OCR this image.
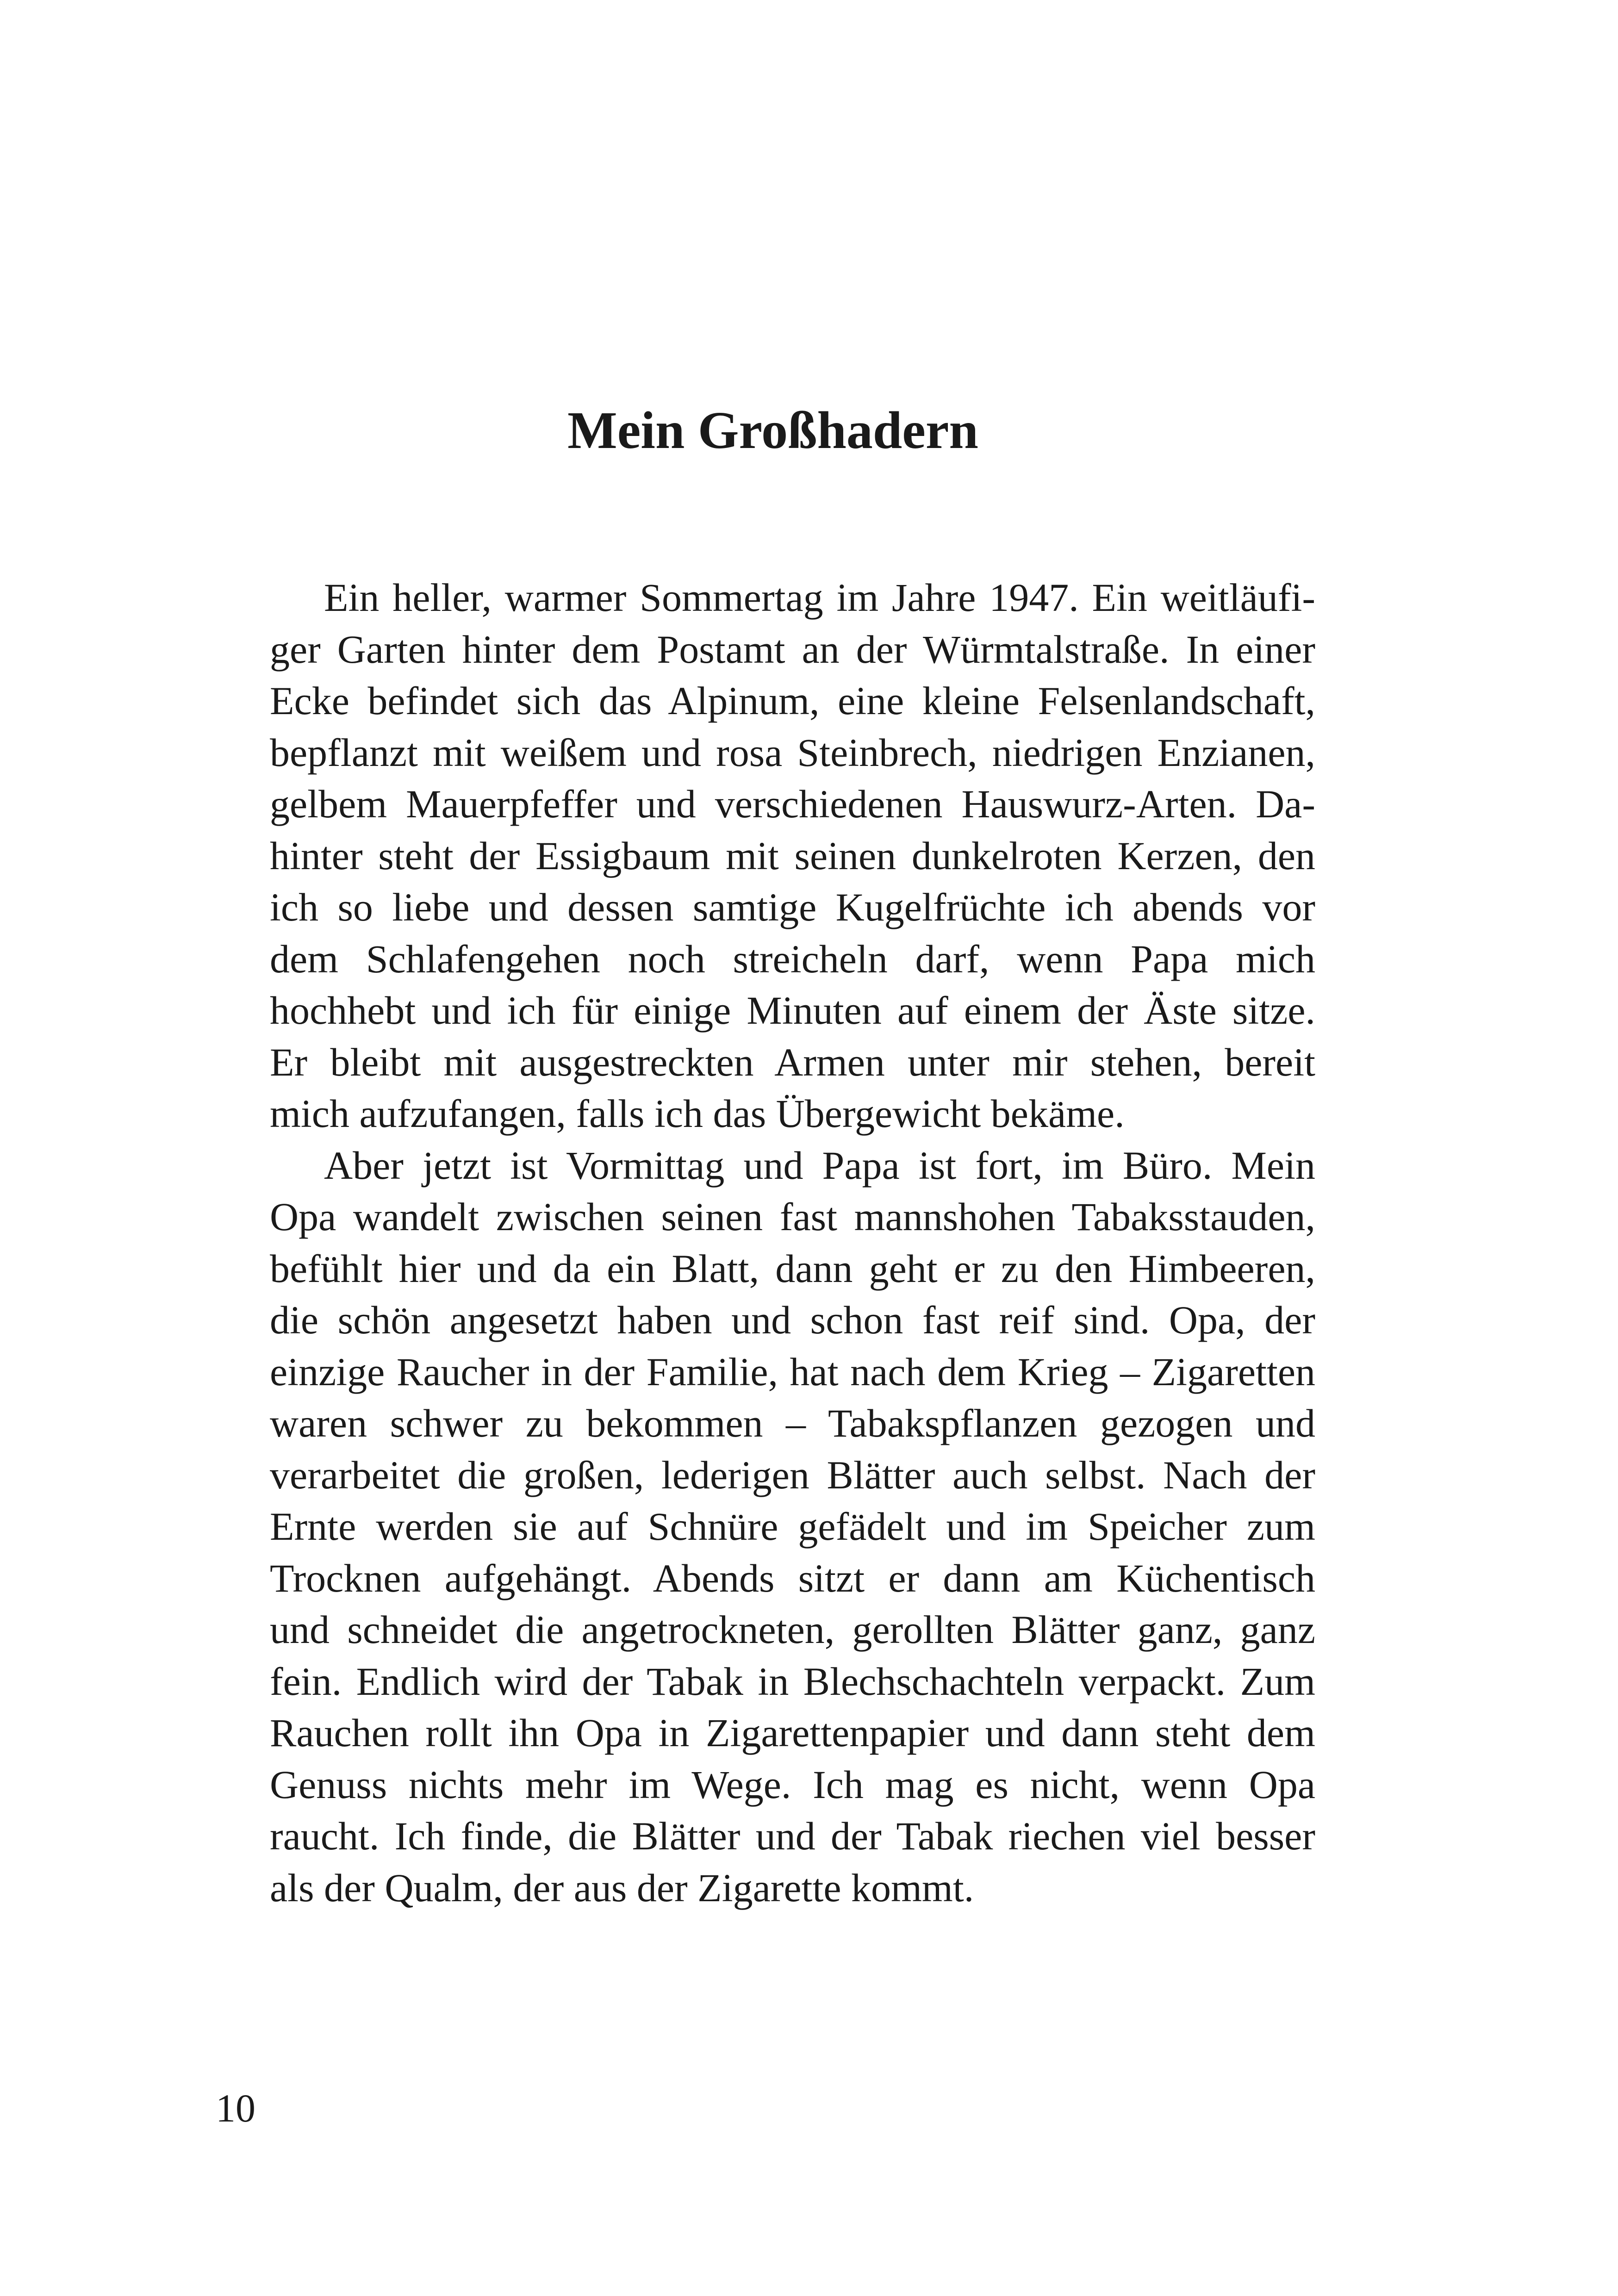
Mein Großhadern

Ein heller, warmer Sommertag im Jahre 1947. Ein weitläufi-
ger Garten hinter dem Postamt an der Würmtalstraße. In einer
Ecke befindet sich das Alpinum, eine kleine Felsenlandschaft,
bepflanzt mit weißem und rosa Steinbrech, niedrigen Enzianen,
gelbem Mauerpfeffer und verschiedenen Hauswurz-Arten. Da-
hinter steht der Essigbaum mit seinen dunkelroten Kerzen, den
ich so liebe und dessen samtige Kugelfrüchte ich abends vor
dem Schlafengehen noch streicheln darf, wenn Papa mich
hochhebt und ich für einige Minuten auf einem der Äste sitze.
Er bleibt mit ausgestreckten Armen unter mir stehen, bereit
mich aufzufangen, falls ich das Übergewicht bekäme.

Aber jetzt ist Vormittag und Papa ist fort, im Büro. Mein
Opa wandelt zwischen seinen fast mannshohen Tabaksstauden,
befühlt hier und da ein Blatt, dann geht er zu den Himbeeren,
die schön angesetzt haben und schon fast reif sind. Opa, der
einzige Raucher in der Familie, hat nach dem Krieg – Zigaretten
waren schwer zu bekommen – Tabakspflanzen gezogen und
verarbeitet die großen, lederigen Blätter auch selbst. Nach der
Ernte werden sie auf Schnüre gefädelt und im Speicher zum
Trocknen aufgehängt. Abends sitzt er dann am Küchentisch
und schneidet die angetrockneten, gerollten Blätter ganz, ganz
fein. Endlich wird der Tabak in Blechschachteln verpackt. Zum
Rauchen rollt ihn Opa in Zigarettenpapier und dann steht dem
Genuss nichts mehr im Wege. Ich mag es nicht, wenn Opa
raucht. Ich finde, die Blätter und der Tabak riechen viel besser
als der Qualm, der aus der Zigarette kommt.

10
